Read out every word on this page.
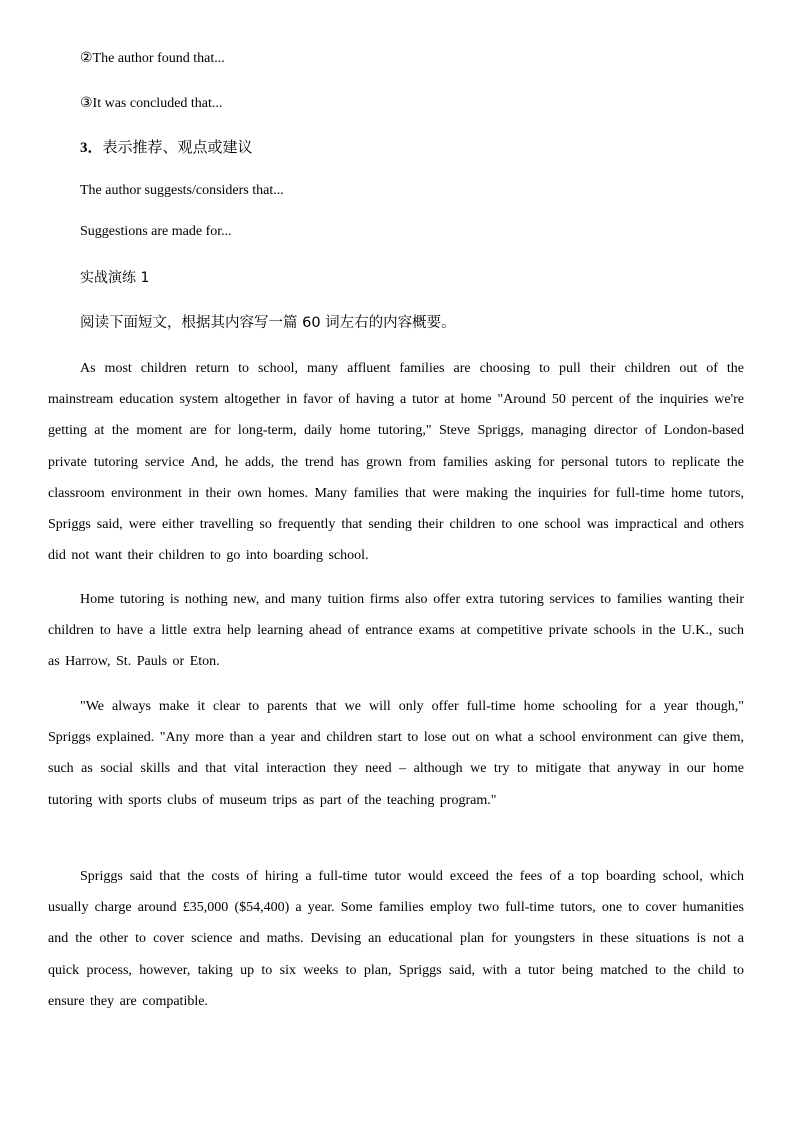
②The author found that...
③It was concluded that...
3．表示推荐、观点或建议
The author suggests/considers that...
Suggestions are made for...
实战演练 1
阅读下面短文，根据其内容写一篇 60 词左右的内容概要。

As most children return to school, many affluent families are choosing to pull their children out of the mainstream education system altogether in favor of having a tutor at home "Around 50 percent of the inquiries we're getting at the moment are for long-term, daily home tutoring," Steve Spriggs, managing director of London-based private tutoring service And, he adds, the trend has grown from families asking for personal tutors to replicate the classroom environment in their own homes. Many families that were making the inquiries for full-time home tutors, Spriggs said, were either travelling so frequently that sending their children to one school was impractical and others did not want their children to go into boarding school.

Home tutoring is nothing new, and many tuition firms also offer extra tutoring services to families wanting their children to have a little extra help learning ahead of entrance exams at competitive private schools in the U.K., such as Harrow, St. Pauls or Eton.

"We always make it clear to parents that we will only offer full-time home schooling for a year though," Spriggs explained. "Any more than a year and children start to lose out on what a school environment can give them, such as social skills and that vital interaction they need – although we try to mitigate that anyway in our home tutoring with sports clubs of museum trips as part of the teaching program."

Spriggs said that the costs of hiring a full-time tutor would exceed the fees of a top boarding school, which usually charge around £35,000 ($54,400) a year. Some families employ two full-time tutors, one to cover humanities and the other to cover science and maths. Devising an educational plan for youngsters in these situations is not a quick process, however, taking up to six weeks to plan, Spriggs said, with a tutor being matched to the child to ensure they are compatible.
